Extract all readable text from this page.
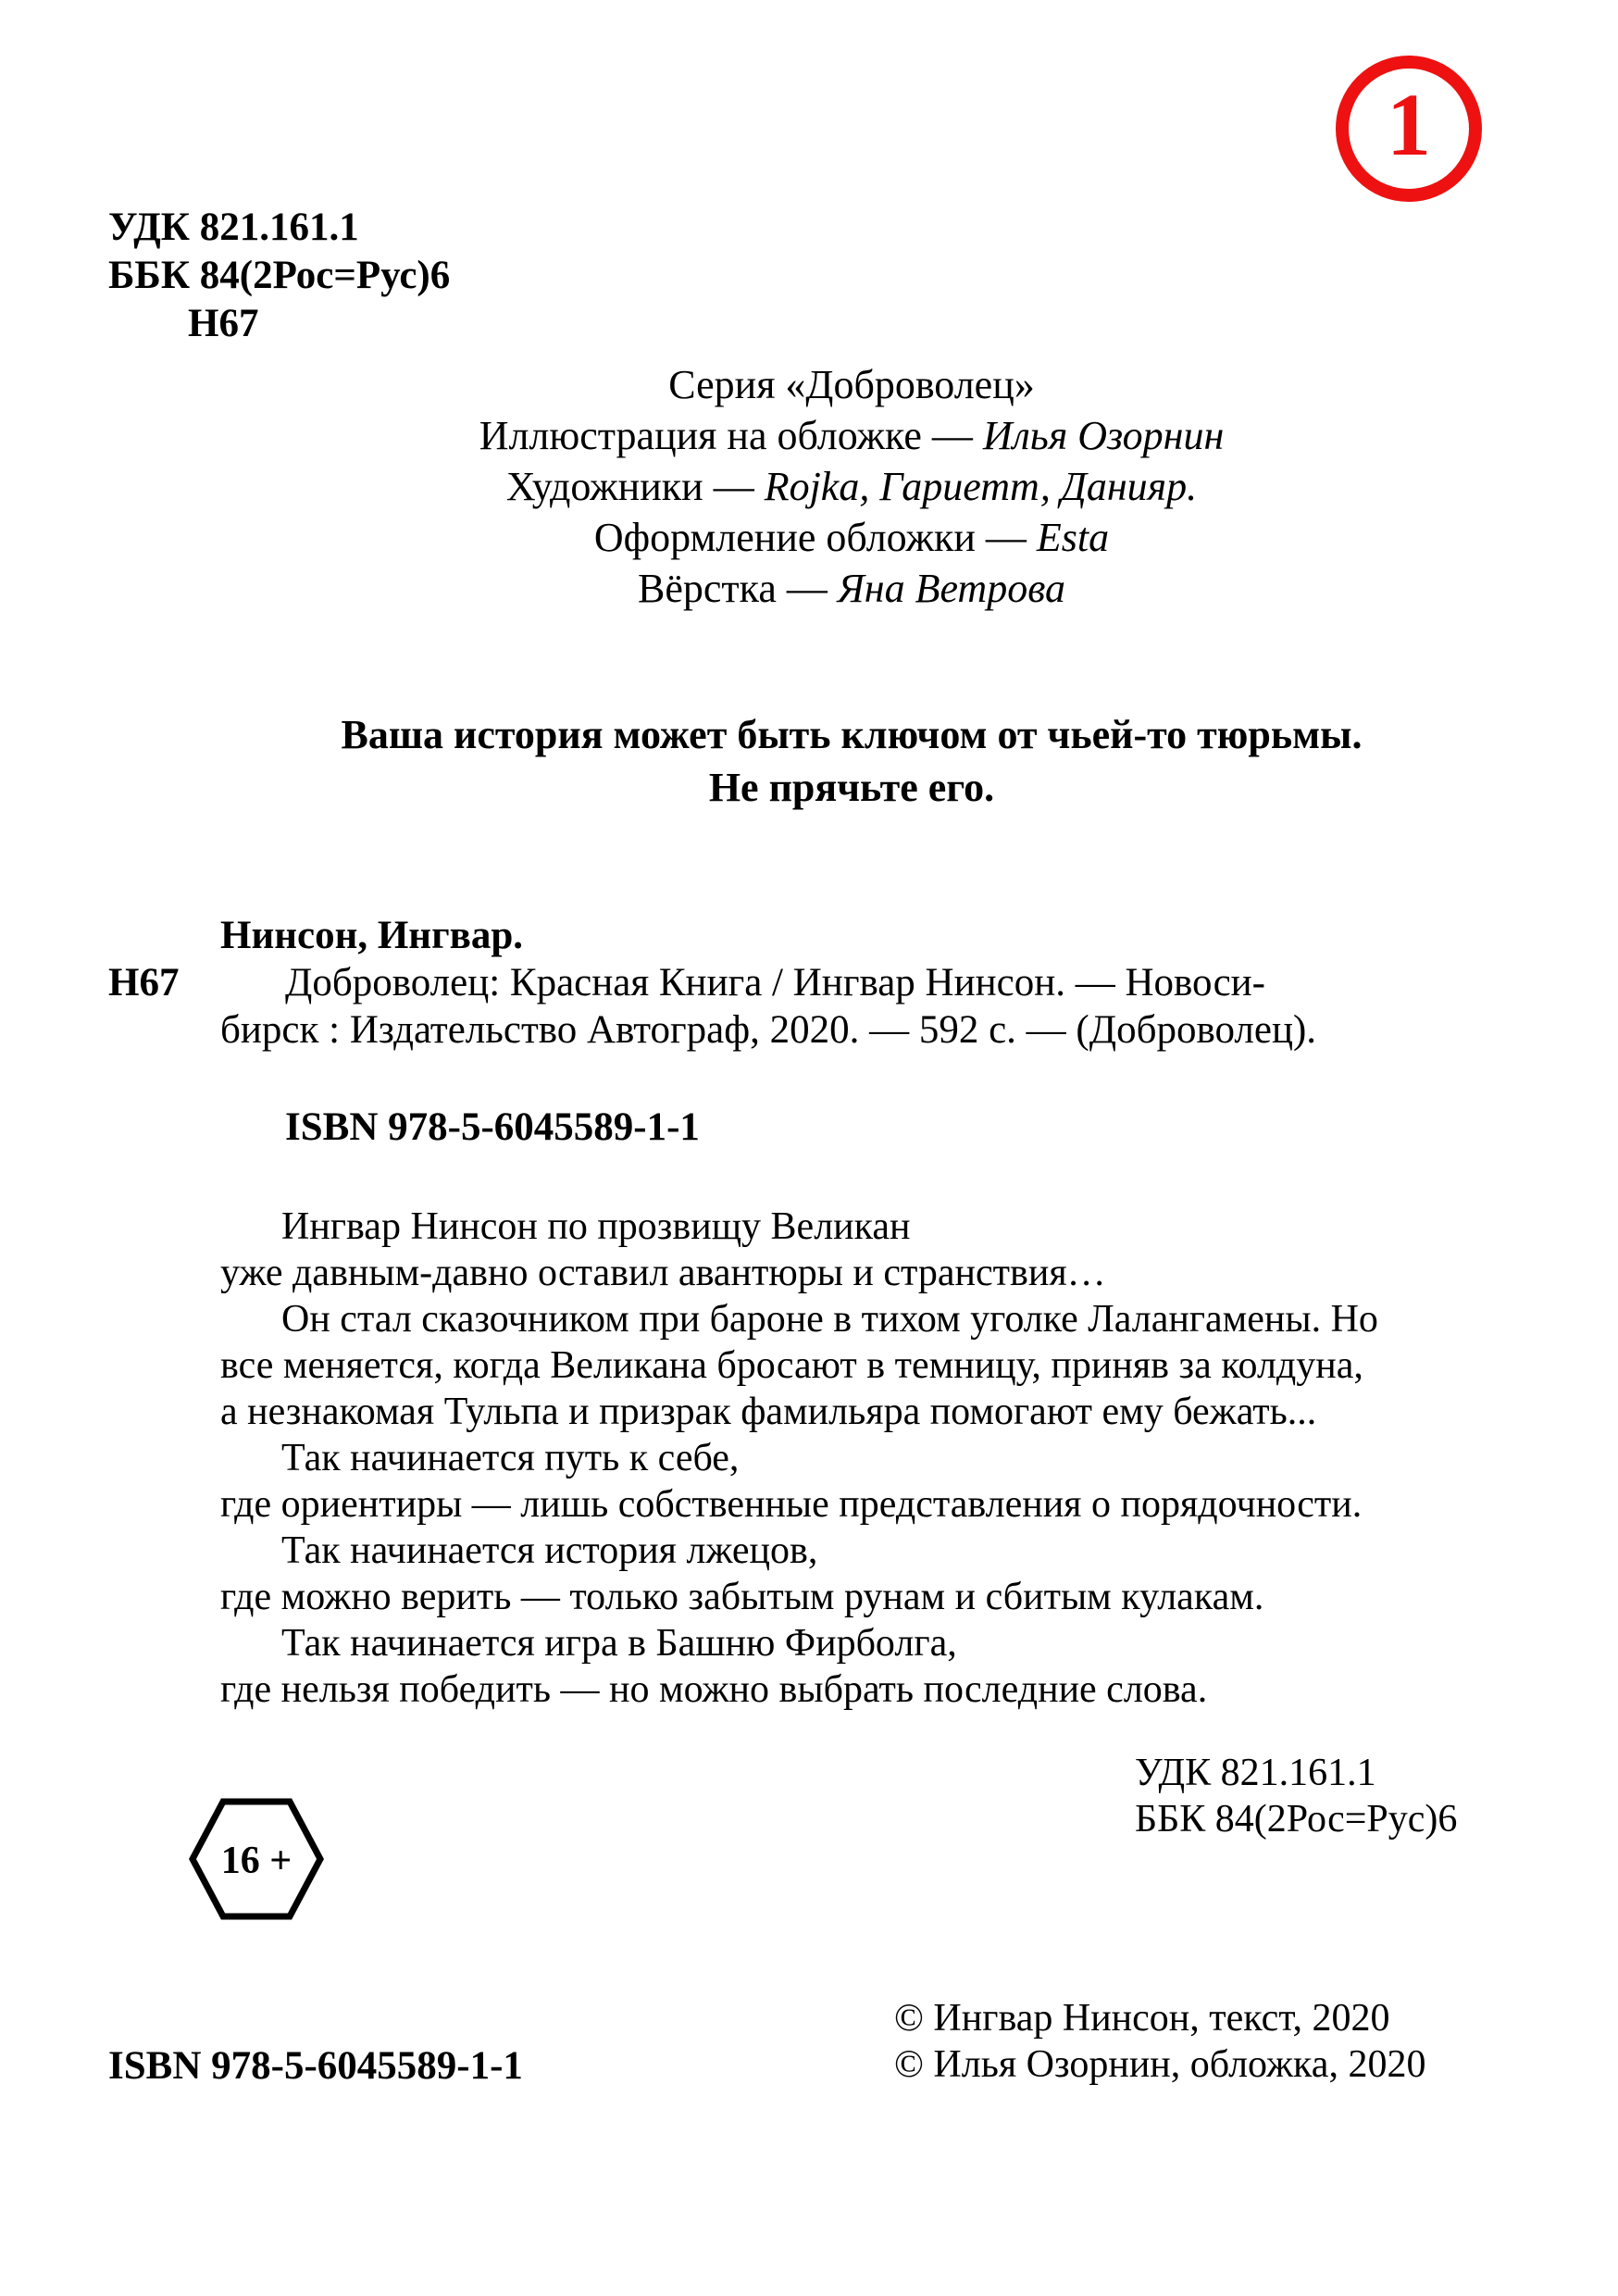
1
УДК 821.161.1
ББК 84(2Рос=Рус)6
Н67
Серия «Доброволец»
Иллюстрация на обложке — Илья Озорнин
Художники — Rojka, Гариетт, Данияр.
Оформление обложки — Esta
Вёрстка — Яна Ветрова
Ваша история может быть ключом от чьей-то тюрьмы.
Не прячьте его.
Н67
Нинсон, Ингвар.
Доброволец: Красная Книга / Ингвар Нинсон. — Новоси-
бирск : Издательство Автограф, 2020. — 592 с. — (Доброволец).
ISBN 978-5-6045589-1-1
Ингвар Нинсон по прозвищу Великан
уже давным-давно оставил авантюры и странствия…
Он стал сказочником при бароне в тихом уголке Лалангамены. Но
все меняется, когда Великана бросают в темницу, приняв за колдуна,
а незнакомая Тульпа и призрак фамильяра помогают ему бежать...
Так начинается путь к себе,
где ориентиры — лишь собственные представления о порядочности.
Так начинается история лжецов,
где можно верить — только забытым рунам и сбитым кулакам.
Так начинается игра в Башню Фирболга,
где нельзя победить — но можно выбрать последние слова.
УДК 821.161.1
ББК 84(2Рос=Рус)6
16 +
ISBN 978-5-6045589-1-1
© Ингвар Нинсон, текст, 2020
© Илья Озорнин, обложка, 2020
